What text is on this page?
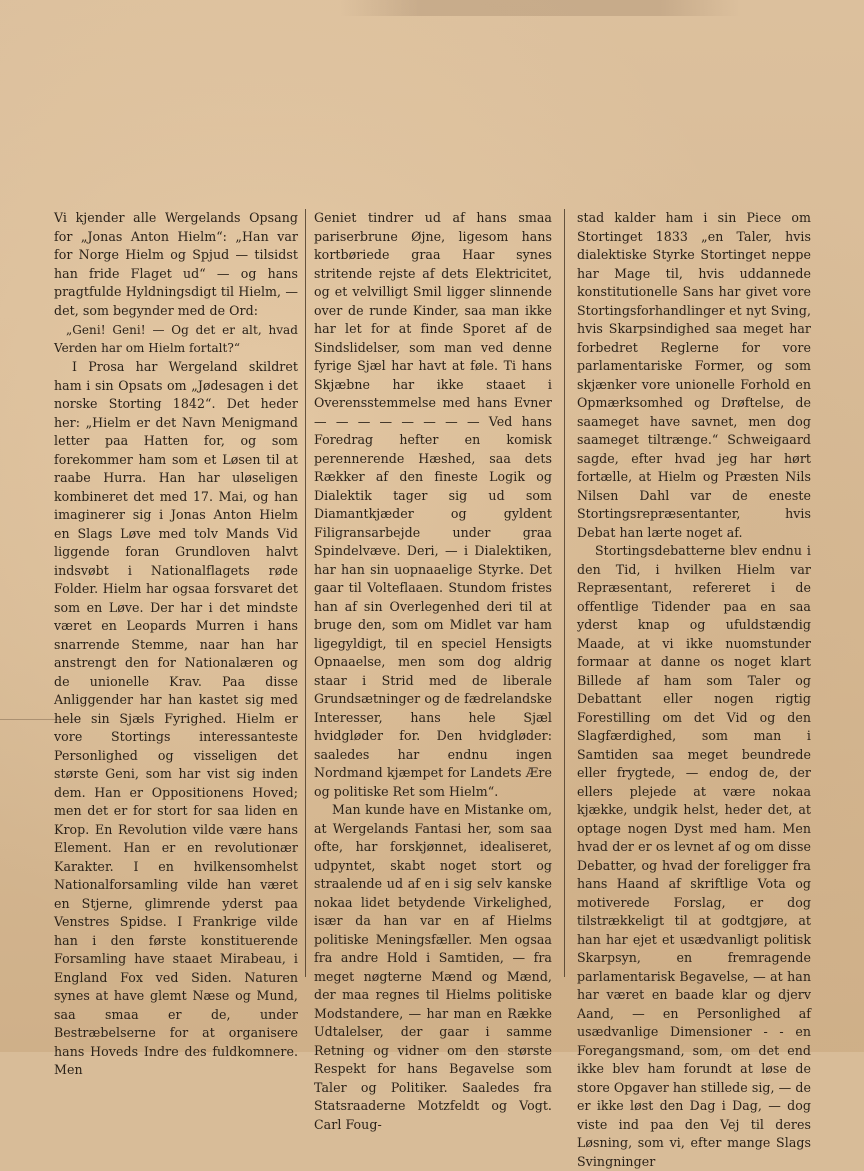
Vi kjender alle Wergelands Opsang for „Jonas Anton Hielm“: „Han var for Norge Hielm og Spjud — tilsidst han fride Flaget ud“ — og hans pragtfulde Hyldningsdigt til Hielm, — det, som begynder med de Ord:

„Geni! Geni! — Og det er alt, hvad Verden har om Hielm fortalt?“

I Prosa har Wergeland skildret ham i sin Opsats om „Jødesagen i det norske Storting 1842“. Det heder her: „Hielm er det Navn Menigmand letter paa Hatten for, og som forekommer ham som et Løsen til at raabe Hurra. Han har uløseligen kombineret det med 17. Mai, og han imaginerer sig i Jonas Anton Hielm en Slags Løve med tolv Mands Vid liggende foran Grundloven halvt indsvøbt i Nationalflagets røde Folder. Hielm har ogsaa forsvaret det som en Løve. Der har i det mindste været en Leopards Murren i hans snarrende Stemme, naar han har anstrengt den for Nationalæren og de unionelle Krav. Paa disse Anliggender har han kastet sig med hele sin Sjæls Fyrighed. Hielm er vore Stortings interessanteste Personlighed og visseligen det største Geni, som har vist sig inden dem. Han er Oppositionens Hoved; men det er for stort for saa liden en Krop. En Revolution vilde være hans Element. Han er en revolutionær Karakter. I en hvilkensomhelst Nationalforsamling vilde han været en Stjerne, glimrende yderst paa Venstres Spidse. I Frankrige vilde han i den første konstituerende Forsamling have staaet Mirabeau, i England Fox ved Siden. Naturen synes at have glemt Næse og Mund, saa smaa er de, under Bestræbelserne for at organisere hans Hoveds Indre des fuldkomnere. Men

Geniet tindrer ud af hans smaa pariserbrune Øjne, ligesom hans kortbøriede graa Haar synes stritende rejste af dets Elektricitet, og et velvilligt Smil ligger slinnende over de runde Kinder, saa man ikke har let for at finde Sporet af de Sindslidelser, som man ved denne fyrige Sjæl har havt at føle. Ti hans Skjæbne har ikke staaet i Overensstemmelse med hans Evner — — — — — — — — Ved hans Foredrag hefter en komisk perennerende Hæshed, saa dets Rækker af den fineste Logik og Dialektik tager sig ud som Diamantkjæder og gyldent Filigransarbejde under graa Spindelvæve. Deri, — i Dialektiken, har han sin uopnaaelige Styrke. Det gaar til Volteflaaen. Stundom fristes han af sin Overlegenhed deri til at bruge den, som om Midlet var ham ligegyldigt, til en speciel Hensigts Opnaaelse, men som dog aldrig staar i Strid med de liberale Grundsætninger og de fædrelandske Interesser, hans hele Sjæl hvidgløder for. Den hvidgløder: saaledes har endnu ingen Nordmand kjæmpet for Landets Ære og politiske Ret som Hielm“.

Man kunde have en Mistanke om, at Wergelands Fantasi her, som saa ofte, har forskjønnet, idealiseret, udpyntet, skabt noget stort og straalende ud af en i sig selv kanske nokaa lidet betydende Virkelighed, især da han var en af Hielms politiske Meningsfæller. Men ogsaa fra andre Hold i Samtiden, — fra meget nøgterne Mænd og Mænd, der maa regnes til Hielms politiske Modstandere, — har man en Række Udtalelser, der gaar i samme Retning og vidner om den største Respekt for hans Begavelse som Taler og Politiker. Saaledes fra Statsraaderne Motzfeldt og Vogt. Carl Foug-

stad kalder ham i sin Piece om Stortinget 1833 „en Taler, hvis dialektiske Styrke Stortinget neppe har Mage til, hvis uddannede konstitutionelle Sans har givet vore Stortingsforhandlinger et nyt Sving, hvis Skarpsindighed saa meget har forbedret Reglerne for vore parlamentariske Former, og som skjænker vore unionelle Forhold en Opmærksomhed og Drøftelse, de saameget have savnet, men dog saameget tiltrænge.“ Schweigaard sagde, efter hvad jeg har hørt fortælle, at Hielm og Præsten Nils Nilsen Dahl var de eneste Stortingsrepræsentanter, hvis Debat han lærte noget af.

Stortingsdebatterne blev endnu i den Tid, i hvilken Hielm var Repræsentant, refereret i de offentlige Tidender paa en saa yderst knap og ufuldstændig Maade, at vi ikke nuomstunder formaar at danne os noget klart Billede af ham som Taler og Debattant eller nogen rigtig Forestilling om det Vid og den Slagfærdighed, som man i Samtiden saa meget beundrede eller frygtede, — endog de, der ellers plejede at være nokaa kjække, undgik helst, heder det, at optage nogen Dyst med ham. Men hvad der er os levnet af og om disse Debatter, og hvad der foreligger fra hans Haand af skriftlige Vota og motiverede Forslag, er dog tilstrækkeligt til at godtgjøre, at han har ejet et usædvanligt politisk Skarpsyn, en fremragende parlamentarisk Begavelse, — at han har været en baade klar og djerv Aand, — en Personlighed af usædvanlige Dimensioner - - en Foregangsmand, som, om det end ikke blev ham forundt at løse de store Opgaver han stillede sig, — de er ikke løst den Dag i Dag, — dog viste ind paa den Vej til deres Løsning, som vi, efter mange Slags Svingninger
